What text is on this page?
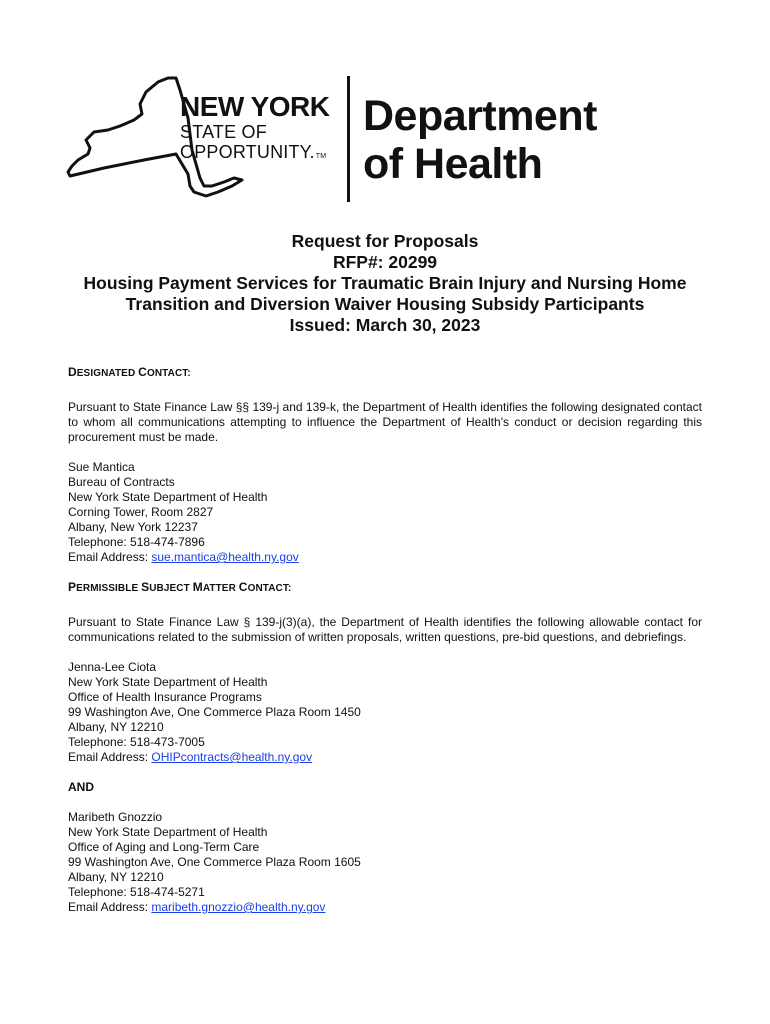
NEW YORK
STATE OF
OPPORTUNITY.TM
Department
of Health
Request for Proposals
RFP#: 20299
Housing Payment Services for Traumatic Brain Injury and Nursing Home
Transition and Diversion Waiver Housing Subsidy Participants
Issued: March 30, 2023
DESIGNATED CONTACT:
Pursuant to State Finance Law §§ 139-j and 139-k, the Department of Health identifies the following designated contact to whom all communications attempting to influence the Department of Health's conduct or decision regarding this procurement must be made.
Sue Mantica
Bureau of Contracts
New York State Department of Health
Corning Tower, Room 2827
Albany, New York 12237
Telephone: 518-474-7896
Email Address: sue.mantica@health.ny.gov
PERMISSIBLE SUBJECT MATTER CONTACT:
Pursuant to State Finance Law § 139-j(3)(a), the Department of Health identifies the following allowable contact for communications related to the submission of written proposals, written questions, pre-bid questions, and debriefings.
Jenna-Lee Ciota
New York State Department of Health
Office of Health Insurance Programs
99 Washington Ave, One Commerce Plaza Room 1450
Albany, NY 12210
Telephone: 518-473-7005
Email Address: OHIPcontracts@health.ny.gov
AND
Maribeth Gnozzio
New York State Department of Health
Office of Aging and Long-Term Care
99 Washington Ave, One Commerce Plaza Room 1605
Albany, NY 12210
Telephone: 518-474-5271
Email Address: maribeth.gnozzio@health.ny.gov
